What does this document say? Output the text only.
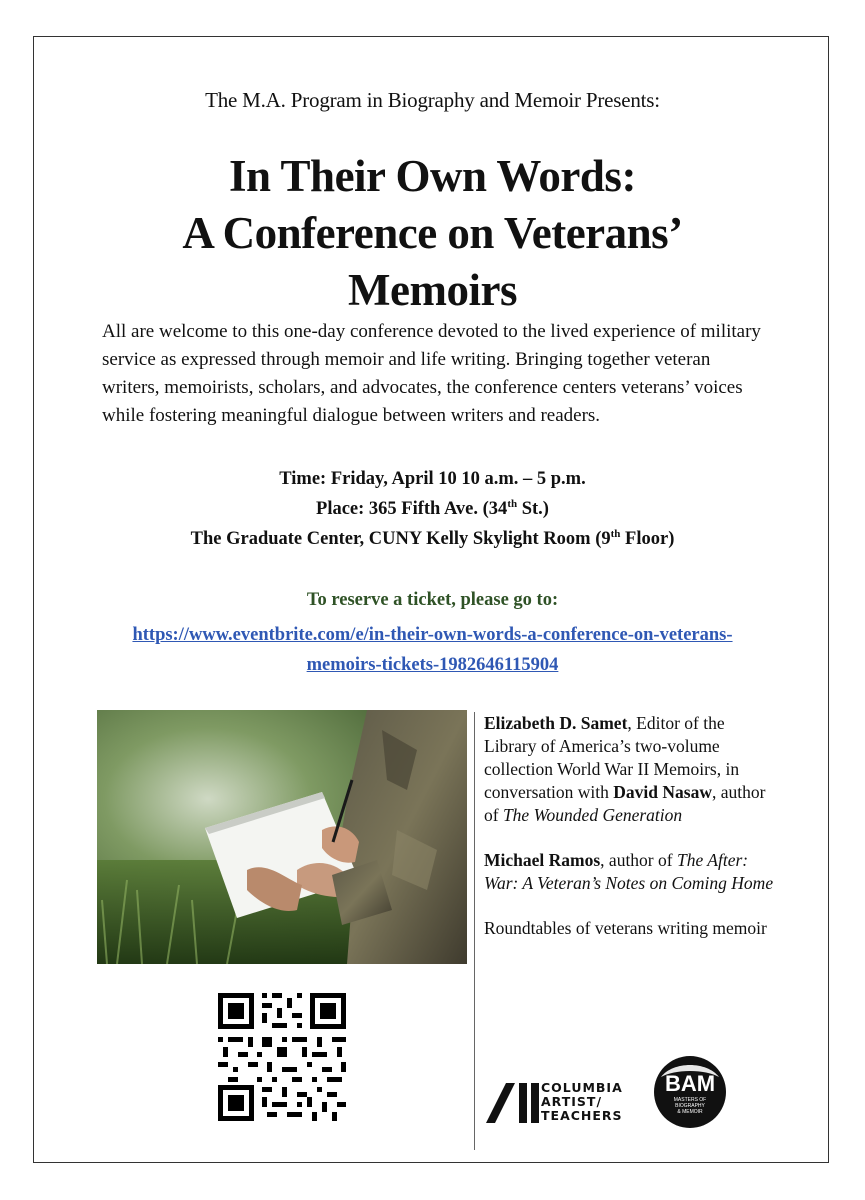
The M.A. Program in Biography and Memoir Presents:
In Their Own Words:
A Conference on Veterans’
Memoirs
All are welcome to this one-day conference devoted to the lived experience of military service as expressed through memoir and life writing. Bringing together veteran writers, memoirists, scholars, and advocates, the conference centers veterans’ voices while fostering meaningful dialogue between writers and readers.
Time: Friday, April 10 10 a.m. – 5 p.m.
Place: 365 Fifth Ave. (34th St.)
The Graduate Center, CUNY Kelly Skylight Room (9th Floor)
To reserve a ticket, please go to:
https://www.eventbrite.com/e/in-their-own-words-a-conference-on-veterans-
memoirs-tickets-1982646115904

Elizabeth D. Samet, Editor of the Library of America’s two-volume collection World War II Memoirs, in conversation with David Nasaw, author of The Wounded Generation

Michael Ramos, author of The After: War: A Veteran’s Notes on Coming Home

Roundtables of veterans writing memoir

COLUMBIA
ARTIST/
TEACHERS
BAM
MASTERS OF
BIOGRAPHY
& MEMOIR
